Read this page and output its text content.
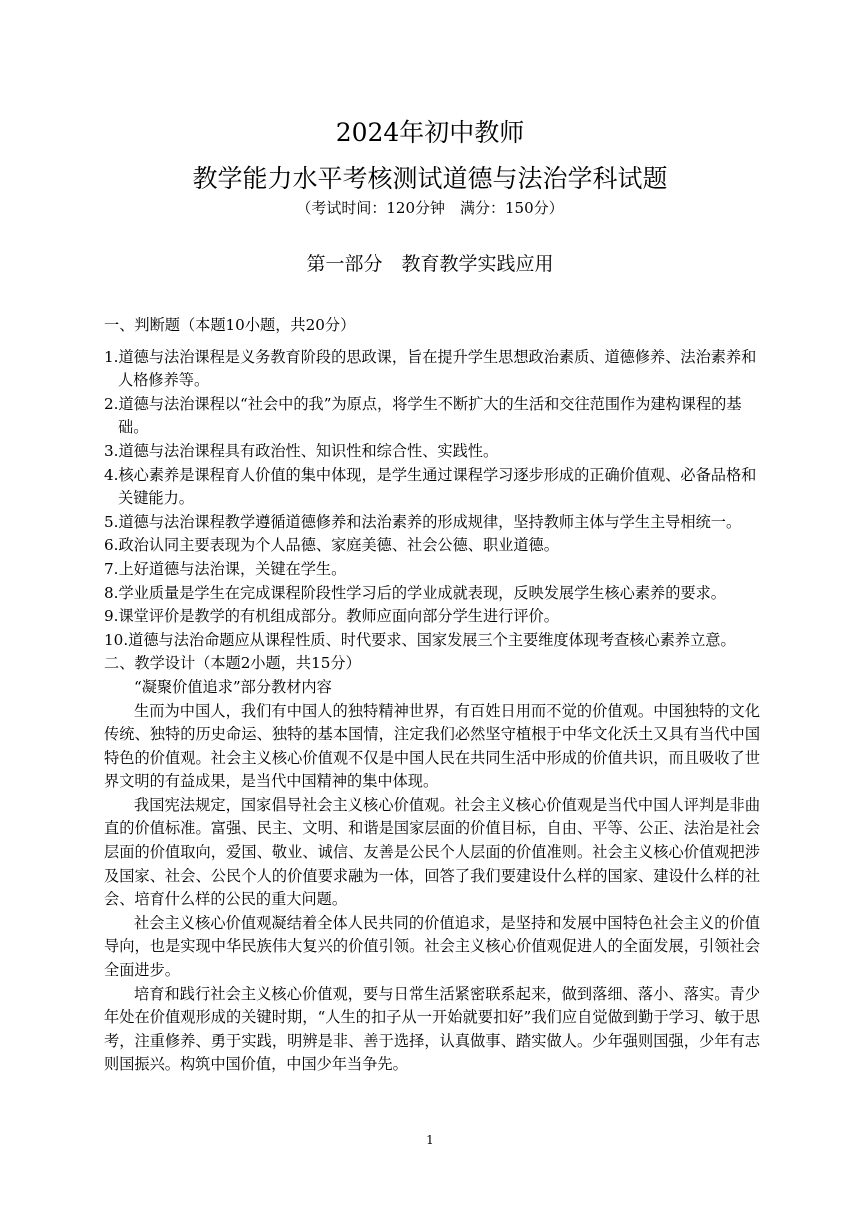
2024年初中教师
教学能力水平考核测试道德与法治学科试题
（考试时间：120分钟　满分：150分）
第一部分　教育教学实践应用

一、判断题（本题10小题，共20分）

1.道德与法治课程是义务教育阶段的思政课，旨在提升学生思想政治素质、道德修养、法治素养和人格修养等。
2.道德与法治课程以“社会中的我”为原点，将学生不断扩大的生活和交往范围作为建构课程的基础。
3.道德与法治课程具有政治性、知识性和综合性、实践性。
4.核心素养是课程育人价值的集中体现，是学生通过课程学习逐步形成的正确价值观、必备品格和关键能力。
5.道德与法治课程教学遵循道德修养和法治素养的形成规律，坚持教师主体与学生主导相统一。
6.政治认同主要表现为个人品德、家庭美德、社会公德、职业道德。
7.上好道德与法治课，关键在学生。
8.学业质量是学生在完成课程阶段性学习后的学业成就表现，反映发展学生核心素养的要求。
9.课堂评价是教学的有机组成部分。教师应面向部分学生进行评价。
10.道德与法治命题应从课程性质、时代要求、国家发展三个主要维度体现考查核心素养立意。

二、教学设计（本题2小题，共15分）

“凝聚价值追求”部分教材内容

生而为中国人，我们有中国人的独特精神世界，有百姓日用而不觉的价值观。中国独特的文化传统、独特的历史命运、独特的基本国情，注定我们必然坚守植根于中华文化沃土又具有当代中国特色的价值观。社会主义核心价值观不仅是中国人民在共同生活中形成的价值共识，而且吸收了世界文明的有益成果，是当代中国精神的集中体现。

我国宪法规定，国家倡导社会主义核心价值观。社会主义核心价值观是当代中国人评判是非曲直的价值标准。富强、民主、文明、和谐是国家层面的价值目标，自由、平等、公正、法治是社会层面的价值取向，爱国、敬业、诚信、友善是公民个人层面的价值准则。社会主义核心价值观把涉及国家、社会、公民个人的价值要求融为一体，回答了我们要建设什么样的国家、建设什么样的社会、培育什么样的公民的重大问题。

社会主义核心价值观凝结着全体人民共同的价值追求，是坚持和发展中国特色社会主义的价值导向，也是实现中华民族伟大复兴的价值引领。社会主义核心价值观促进人的全面发展，引领社会全面进步。

培育和践行社会主义核心价值观，要与日常生活紧密联系起来，做到落细、落小、落实。青少年处在价值观形成的关键时期，“人生的扣子从一开始就要扣好”我们应自觉做到勤于学习、敏于思考，注重修养、勇于实践，明辨是非、善于选择，认真做事、踏实做人。少年强则国强，少年有志则国振兴。构筑中国价值，中国少年当争先。

1
